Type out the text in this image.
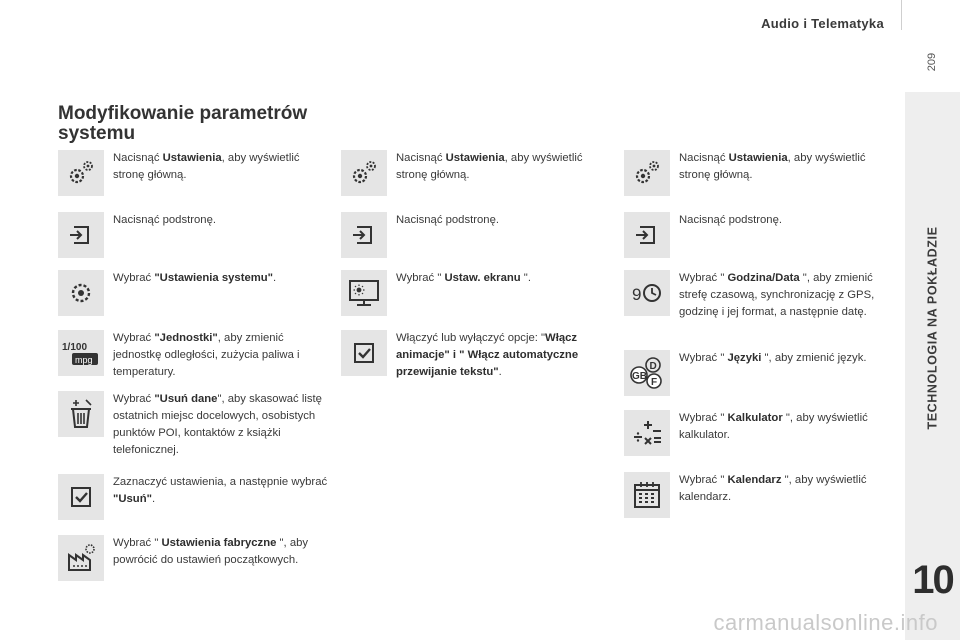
Audio i Telematyka
209
TECHNOLOGIA NA POKŁADZIE
10
Modyfikowanie parametrów systemu
Nacisnąć Ustawienia, aby wyświetlić stronę główną.
Nacisnąć podstronę.
Wybrać "Ustawienia systemu".
1/100
mpg
Wybrać "Jednostki", aby zmienić jednostkę odległości, zużycia paliwa i temperatury.
Wybrać "Usuń dane", aby skasować listę ostatnich miejsc docelowych, osobistych punktów POI, kontaktów z książki telefonicznej.
Zaznaczyć ustawienia, a następnie wybrać "Usuń".
Wybrać " Ustawienia fabryczne ", aby powrócić do ustawień początkowych.
Nacisnąć Ustawienia, aby wyświetlić stronę główną.
Nacisnąć podstronę.
Wybrać " Ustaw. ekranu ".
Włączyć lub wyłączyć opcje: "Włącz animacje" i " Włącz automatyczne przewijanie tekstu".
Nacisnąć Ustawienia, aby wyświetlić stronę główną.
Nacisnąć podstronę.
9
Wybrać " Godzina/Data ", aby zmienić strefę czasową, synchronizację z GPS, godzinę i jej format, a następnie datę.
D
GB
F
Wybrać " Języki ", aby zmienić język.
Wybrać " Kalkulator ", aby wyświetlić kalkulator.
Wybrać " Kalendarz ", aby wyświetlić kalendarz.
carmanualsonline.info
